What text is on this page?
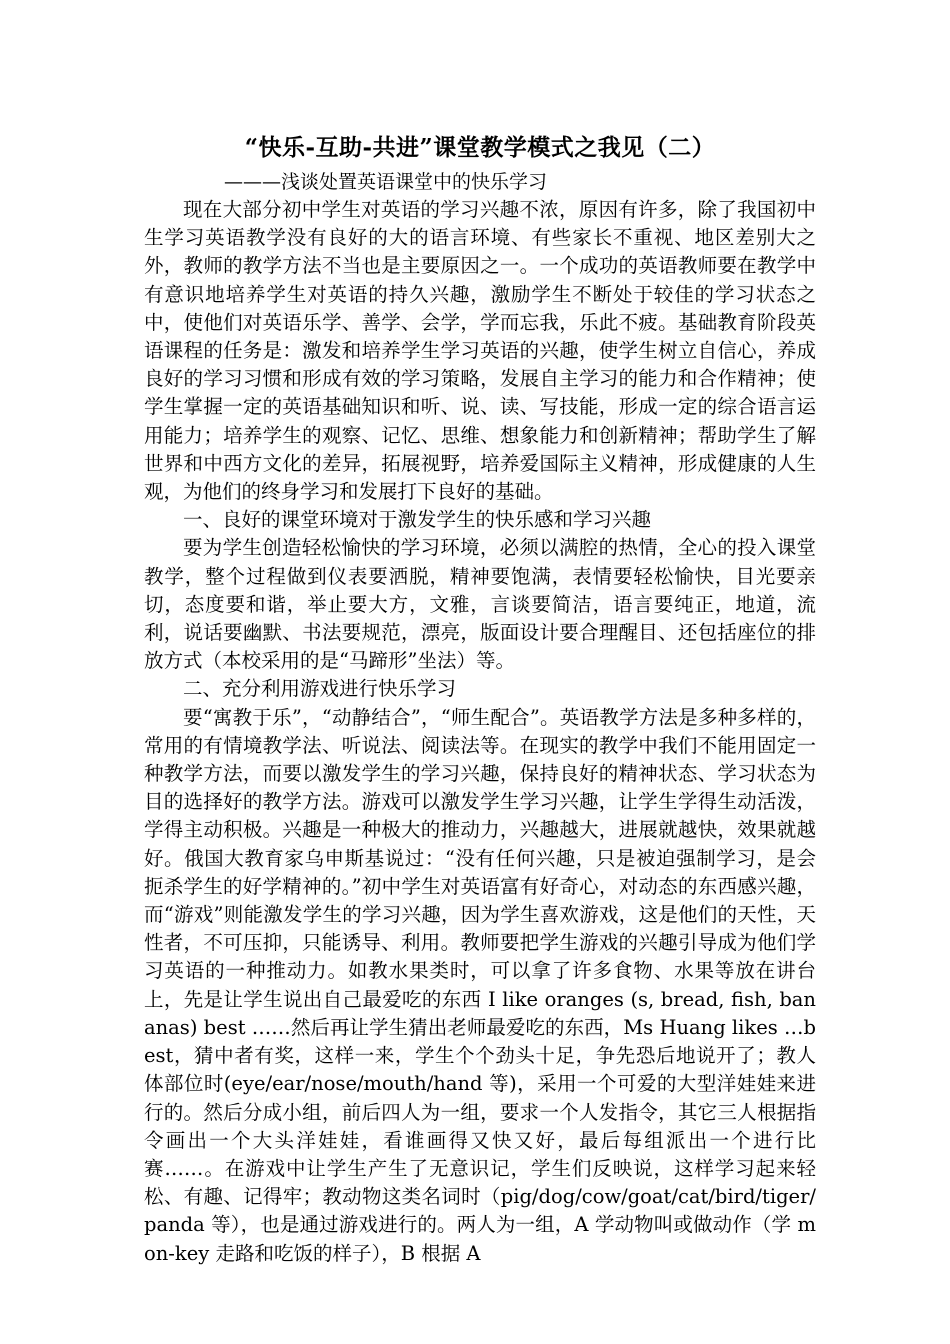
“快乐-互助-共进”课堂教学模式之我见（二）
———浅谈处置英语课堂中的快乐学习

现在大部分初中学生对英语的学习兴趣不浓，原因有许多，除了我国初中生学习英语教学没有良好的大的语言环境、有些家长不重视、地区差别大之外，教师的教学方法不当也是主要原因之一。一个成功的英语教师要在教学中有意识地培养学生对英语的持久兴趣，激励学生不断处于较佳的学习状态之中，使他们对英语乐学、善学、会学，学而忘我，乐此不疲。基础教育阶段英语课程的任务是：激发和培养学生学习英语的兴趣，使学生树立自信心，养成良好的学习习惯和形成有效的学习策略，发展自主学习的能力和合作精神；使学生掌握一定的英语基础知识和听、说、读、写技能，形成一定的综合语言运用能力；培养学生的观察、记忆、思维、想象能力和创新精神；帮助学生了解世界和中西方文化的差异，拓展视野，培养爱国际主义精神，形成健康的人生观，为他们的终身学习和发展打下良好的基础。

一、良好的课堂环境对于激发学生的快乐感和学习兴趣

要为学生创造轻松愉快的学习环境，必须以满腔的热情，全心的投入课堂教学，整个过程做到仪表要洒脱，精神要饱满，表情要轻松愉快，目光要亲切，态度要和谐，举止要大方，文雅，言谈要简洁，语言要纯正，地道，流利，说话要幽默、书法要规范，漂亮，版面设计要合理醒目、还包括座位的排放方式（本校采用的是“马蹄形”坐法）等。

二、充分利用游戏进行快乐学习

要“寓教于乐”，“动静结合”，“师生配合”。英语教学方法是多种多样的，常用的有情境教学法、听说法、阅读法等。在现实的教学中我们不能用固定一种教学方法，而要以激发学生的学习兴趣，保持良好的精神状态、学习状态为目的选择好的教学方法。游戏可以激发学生学习兴趣，让学生学得生动活泼，学得主动积极。兴趣是一种极大的推动力，兴趣越大，进展就越快，效果就越好。俄国大教育家乌申斯基说过：“没有任何兴趣，只是被迫强制学习，是会扼杀学生的好学精神的。”初中学生对英语富有好奇心，对动态的东西感兴趣，而“游戏”则能激发学生的学习兴趣，因为学生喜欢游戏，这是他们的天性，天性者，不可压抑，只能诱导、利用。教师要把学生游戏的兴趣引导成为他们学习英语的一种推动力。如教水果类时，可以拿了许多食物、水果等放在讲台上，先是让学生说出自己最爱吃的东西 I like oranges (s, bread, fish, bananas) best ……然后再让学生猜出老师最爱吃的东西，Ms Huang likes …best，猜中者有奖，这样一来，学生个个劲头十足，争先恐后地说开了；教人体部位时(eye/ear/nose/mouth/hand 等)，采用一个可爱的大型洋娃娃来进行的。然后分成小组，前后四人为一组，要求一个人发指令，其它三人根据指令画出一个大头洋娃娃，看谁画得又快又好，最后每组派出一个进行比赛……。在游戏中让学生产生了无意识记，学生们反映说，这样学习起来轻松、有趣、记得牢；教动物这类名词时（pig/dog/cow/goat/cat/bird/tiger/panda 等），也是通过游戏进行的。两人为一组，A 学动物叫或做动作（学 mon-key 走路和吃饭的样子），B 根据 A
